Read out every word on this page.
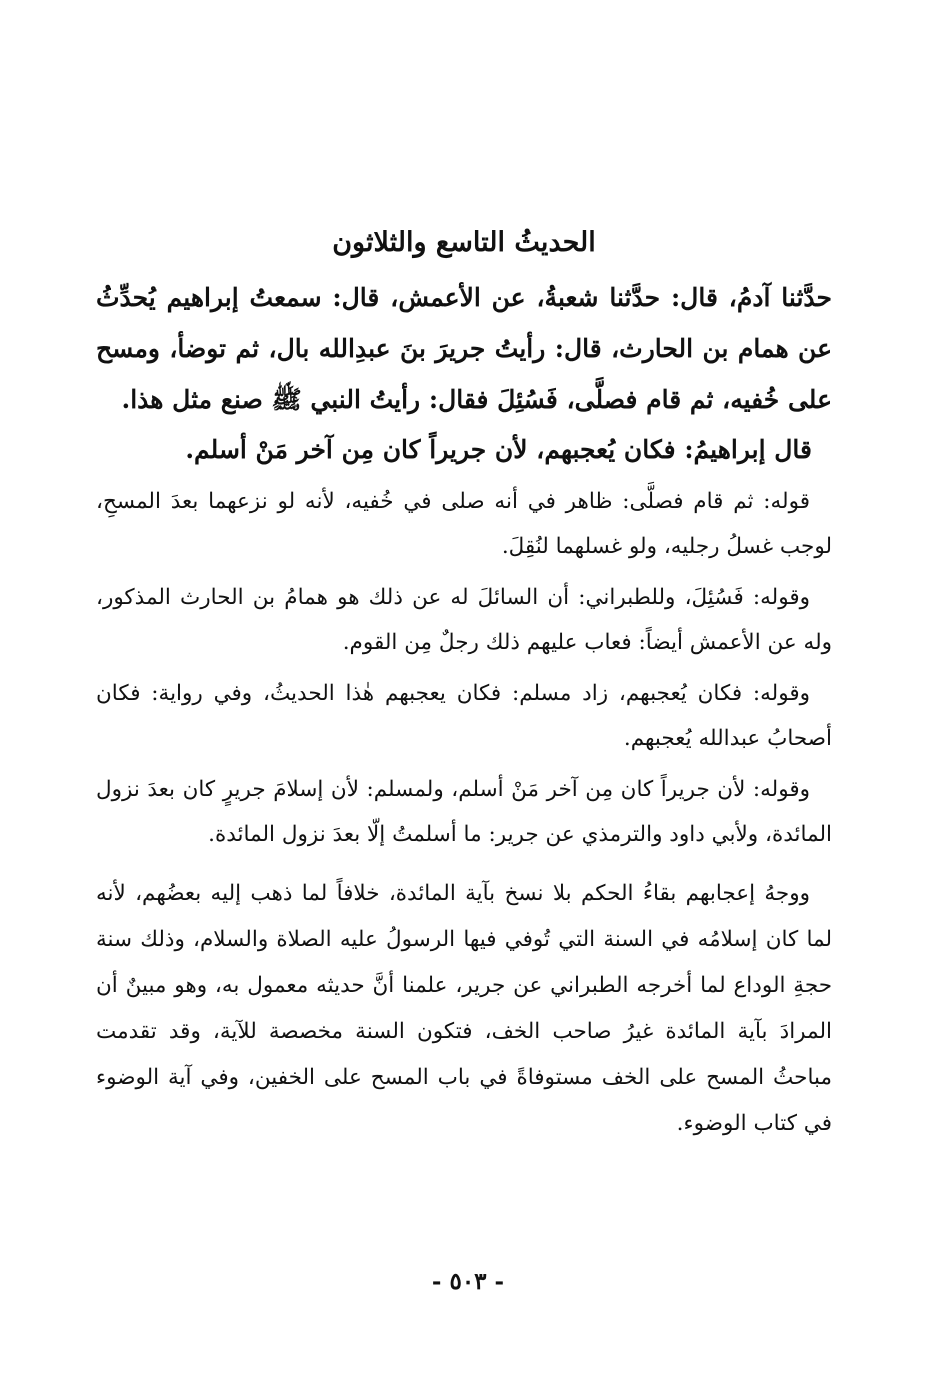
الحديثُ التاسع والثلاثون

حدَّثنا آدمُ، قال: حدَّثنا شعبةُ، عن الأعمش، قال: سمعتُ إبراهيم يُحدِّثُ عن همام بن الحارث، قال: رأيتُ جريرَ بنَ عبدِالله بال، ثم توضأ، ومسح على خُفيه، ثم قام فصلَّى، فَسُئِلَ فقال: رأيتُ النبي ﷺ صنع مثل هذا.

قال إبراهيمُ: فكان يُعجبهم، لأن جريراً كان مِن آخر مَنْ أسلم.

قوله: ثم قام فصلَّى: ظاهر في أنه صلى في خُفيه، لأنه لو نزعهما بعدَ المسحِ، لوجب غسلُ رجليه، ولو غسلهما لنُقِلَ.

وقوله: فَسُئِلَ، وللطبراني: أن السائلَ له عن ذلك هو همامُ بن الحارث المذكور، وله عن الأعمش أيضاً: فعاب عليهم ذلك رجلٌ مِن القوم.

وقوله: فكان يُعجبهم، زاد مسلم: فكان يعجبهم هٰذا الحديثُ، وفي رواية: فكان أصحابُ عبدالله يُعجبهم.

وقوله: لأن جريراً كان مِن آخر مَنْ أسلم، ولمسلم: لأن إسلامَ جريرٍ كان بعدَ نزول المائدة، ولأبي داود والترمذي عن جرير: ما أسلمتُ إلّا بعدَ نزول المائدة.

ووجهُ إعجابهم بقاءُ الحكم بلا نسخ بآية المائدة، خلافاً لما ذهب إليه بعضُهم، لأنه لما كان إسلامُه في السنة التي تُوفي فيها الرسولُ عليه الصلاة والسلام، وذلك سنة حجةِ الوداع لما أخرجه الطبراني عن جرير، علمنا أنَّ حديثه معمول به، وهو مبينٌ أن المرادَ بآية المائدة غيرُ صاحب الخف، فتكون السنة مخصصة للآية، وقد تقدمت مباحثُ المسح على الخف مستوفاةً في باب المسح على الخفين، وفي آية الوضوء في كتاب الوضوء.

- ٥٠٣ -
